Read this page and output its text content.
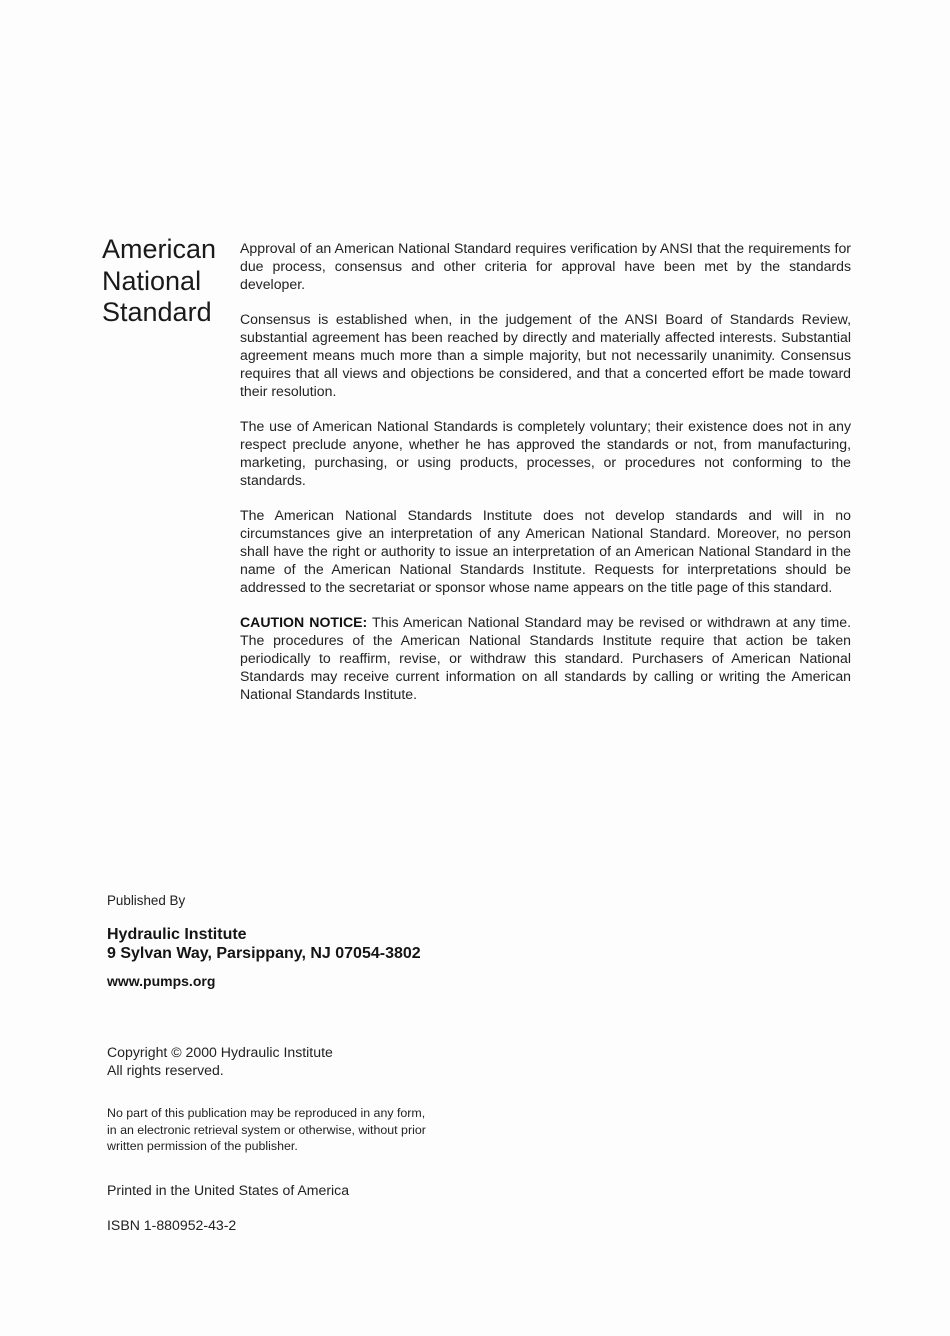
American
National
Standard

Approval of an American National Standard requires verification by ANSI that the requirements for due process, consensus and other criteria for approval have been met by the standards developer.

Consensus is established when, in the judgement of the ANSI Board of Standards Review, substantial agreement has been reached by directly and materially affected interests. Substantial agreement means much more than a simple majority, but not necessarily unanimity. Consensus requires that all views and objections be considered, and that a concerted effort be made toward their resolution.

The use of American National Standards is completely voluntary; their existence does not in any respect preclude anyone, whether he has approved the standards or not, from manufacturing, marketing, purchasing, or using products, processes, or procedures not conforming to the standards.

The American National Standards Institute does not develop standards and will in no circumstances give an interpretation of any American National Standard. Moreover, no person shall have the right or authority to issue an interpretation of an American National Standard in the name of the American National Standards Institute. Requests for interpretations should be addressed to the secretariat or sponsor whose name appears on the title page of this standard.

CAUTION NOTICE: This American National Standard may be revised or withdrawn at any time. The procedures of the American National Standards Institute require that action be taken periodically to reaffirm, revise, or withdraw this standard. Purchasers of American National Standards may receive current information on all standards by calling or writing the American National Standards Institute.

Published By
Hydraulic Institute
9 Sylvan Way, Parsippany, NJ 07054-3802
www.pumps.org
Copyright © 2000 Hydraulic Institute
All rights reserved.
No part of this publication may be reproduced in any form,
in an electronic retrieval system or otherwise, without prior
written permission of the publisher.
Printed in the United States of America
ISBN 1-880952-43-2
